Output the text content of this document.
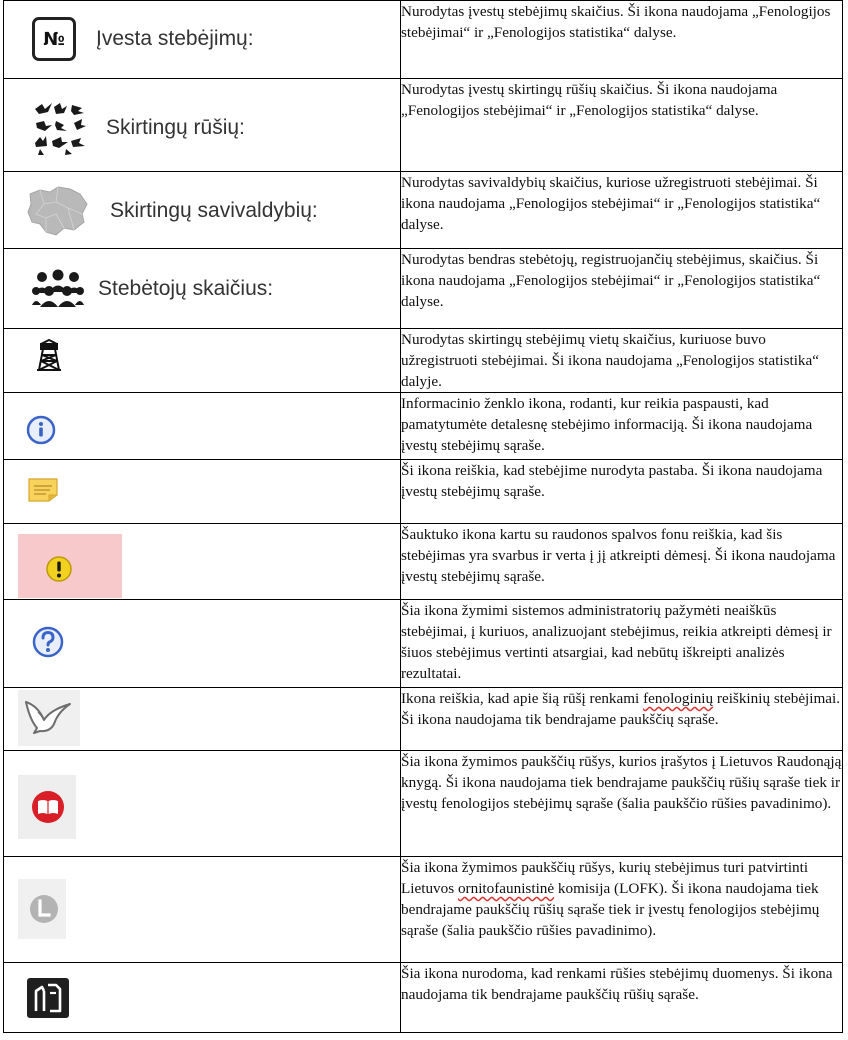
№ Įvesta stebėjimų:	Nurodytas įvestų stebėjimų skaičius. Ši ikona naudojama „Fenologijos stebėjimai“ ir „Fenologijos statistika“ dalyse.

Skirtingų rūšių:	Nurodytas įvestų skirtingų rūšių skaičius. Ši ikona naudojama „Fenologijos stebėjimai“ ir „Fenologijos statistika“ dalyse.

Skirtingų savivaldybių:	Nurodytas savivaldybių skaičius, kuriose užregistruoti stebėjimai. Ši ikona naudojama „Fenologijos stebėjimai“ ir „Fenologijos statistika“ dalyse.

Stebėtojų skaičius:	Nurodytas bendras stebėtojų, registruojančių stebėjimus, skaičius. Ši ikona naudojama „Fenologijos stebėjimai“ ir „Fenologijos statistika“ dalyse.

	Nurodytas skirtingų stebėjimų vietų skaičius, kuriuose buvo užregistruoti stebėjimai. Ši ikona naudojama „Fenologijos statistika“ dalyje.

	Informacinio ženklo ikona, rodanti, kur reikia paspausti, kad pamatytumėte detalesnę stebėjimo informaciją. Ši ikona naudojama įvestų stebėjimų sąraše.

	Ši ikona reiškia, kad stebėjime nurodyta pastaba. Ši ikona naudojama įvestų stebėjimų sąraše.

	Šauktuko ikona kartu su raudonos spalvos fonu reiškia, kad šis stebėjimas yra svarbus ir verta į jį atkreipti dėmesį. Ši ikona naudojama įvestų stebėjimų sąraše.

	Šia ikona žymimi sistemos administratorių pažymėti neaiškūs stebėjimai, į kuriuos, analizuojant stebėjimus, reikia atkreipti dėmesį ir šiuos stebėjimus vertinti atsargiai, kad nebūtų iškreipti analizės rezultatai.

	Ikona reiškia, kad apie šią rūšį renkami fenologinių reiškinių stebėjimai. Ši ikona naudojama tik bendrajame paukščių sąraše.

	Šia ikona žymimos paukščių rūšys, kurios įrašytos į Lietuvos Raudonąją knygą. Ši ikona naudojama tiek bendrajame paukščių rūšių sąraše tiek ir įvestų fenologijos stebėjimų sąraše (šalia paukščio rūšies pavadinimo).

	Šia ikona žymimos paukščių rūšys, kurių stebėjimus turi patvirtinti Lietuvos ornitofaunistinė komisija (LOFK). Ši ikona naudojama tiek bendrajame paukščių rūšių sąraše tiek ir įvestų fenologijos stebėjimų sąraše (šalia paukščio rūšies pavadinimo).

	Šia ikona nurodoma, kad renkami rūšies stebėjimų duomenys. Ši ikona naudojama tik bendrajame paukščių rūšių sąraše.
